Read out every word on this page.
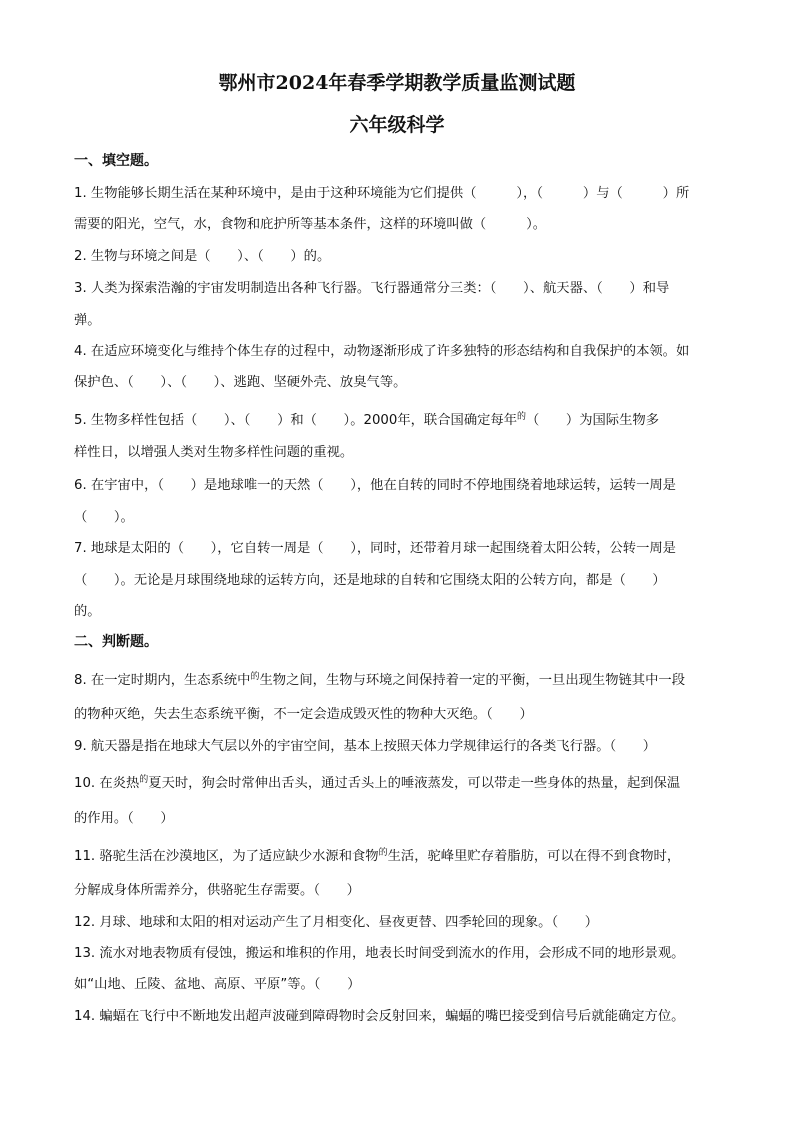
鄂州市2024年春季学期教学质量监测试题
六年级科学
一、填空题。
1. 生物能够长期生活在某种环境中，是由于这种环境能为它们提供（　　　），（　　　）与（　　　）所
需要的阳光，空气，水，食物和庇护所等基本条件，这样的环境叫做（　　　）。
2. 生物与环境之间是（　　）、（　　）的。
3. 人类为探索浩瀚的宇宙发明制造出各种飞行器。飞行器通常分三类：（　　）、航天器、（　　）和导
弹。
4. 在适应环境变化与维持个体生存的过程中，动物逐渐形成了许多独特的形态结构和自我保护的本领。如
保护色、（　　）、（　　）、逃跑、坚硬外壳、放臭气等。
5. 生物多样性包括（　　）、（　　）和（　　）。2000年，联合国确定每年$^的$（　　）为国际生物多
样性日，以增强人类对生物多样性问题的重视。
6. 在宇宙中，（　　）是地球唯一的天然（　　），他在自转的同时不停地围绕着地球运转，运转一周是
（　　）。
7. 地球是太阳的（　　），它自转一周是（　　），同时，还带着月球一起围绕着太阳公转，公转一周是
（　　）。无论是月球围绕地球的运转方向，还是地球的自转和它围绕太阳的公转方向，都是（　　）
的。
二、判断题。
8. 在一定时期内，生态系统中$^的$生物之间，生物与环境之间保持着一定的平衡，一旦出现生物链其中一段
的物种灭绝，失去生态系统平衡，不一定会造成毁灭性的物种大灭绝。（　　）
9. 航天器是指在地球大气层以外的宇宙空间，基本上按照天体力学规律运行的各类飞行器。（　　）
10. 在炎热$^的$夏天时，狗会时常伸出舌头，通过舌头上的唾液蒸发，可以带走一些身体的热量，起到保温
的作用。（　　）
11. 骆驼生活在沙漠地区，为了适应缺少水源和食物$^的$生活，驼峰里贮存着脂肪，可以在得不到食物时，
分解成身体所需养分，供骆驼生存需要。（　　）
12. 月球、地球和太阳的相对运动产生了月相变化、昼夜更替、四季轮回的现象。（　　）
13. 流水对地表物质有侵蚀，搬运和堆积的作用，地表长时间受到流水的作用，会形成不同的地形景观。
如“山地、丘陵、盆地、高原、平原”等。（　　）
14. 蝙蝠在飞行中不断地发出超声波碰到障碍物时会反射回来，蝙蝠的嘴巴接受到信号后就能确定方位。
